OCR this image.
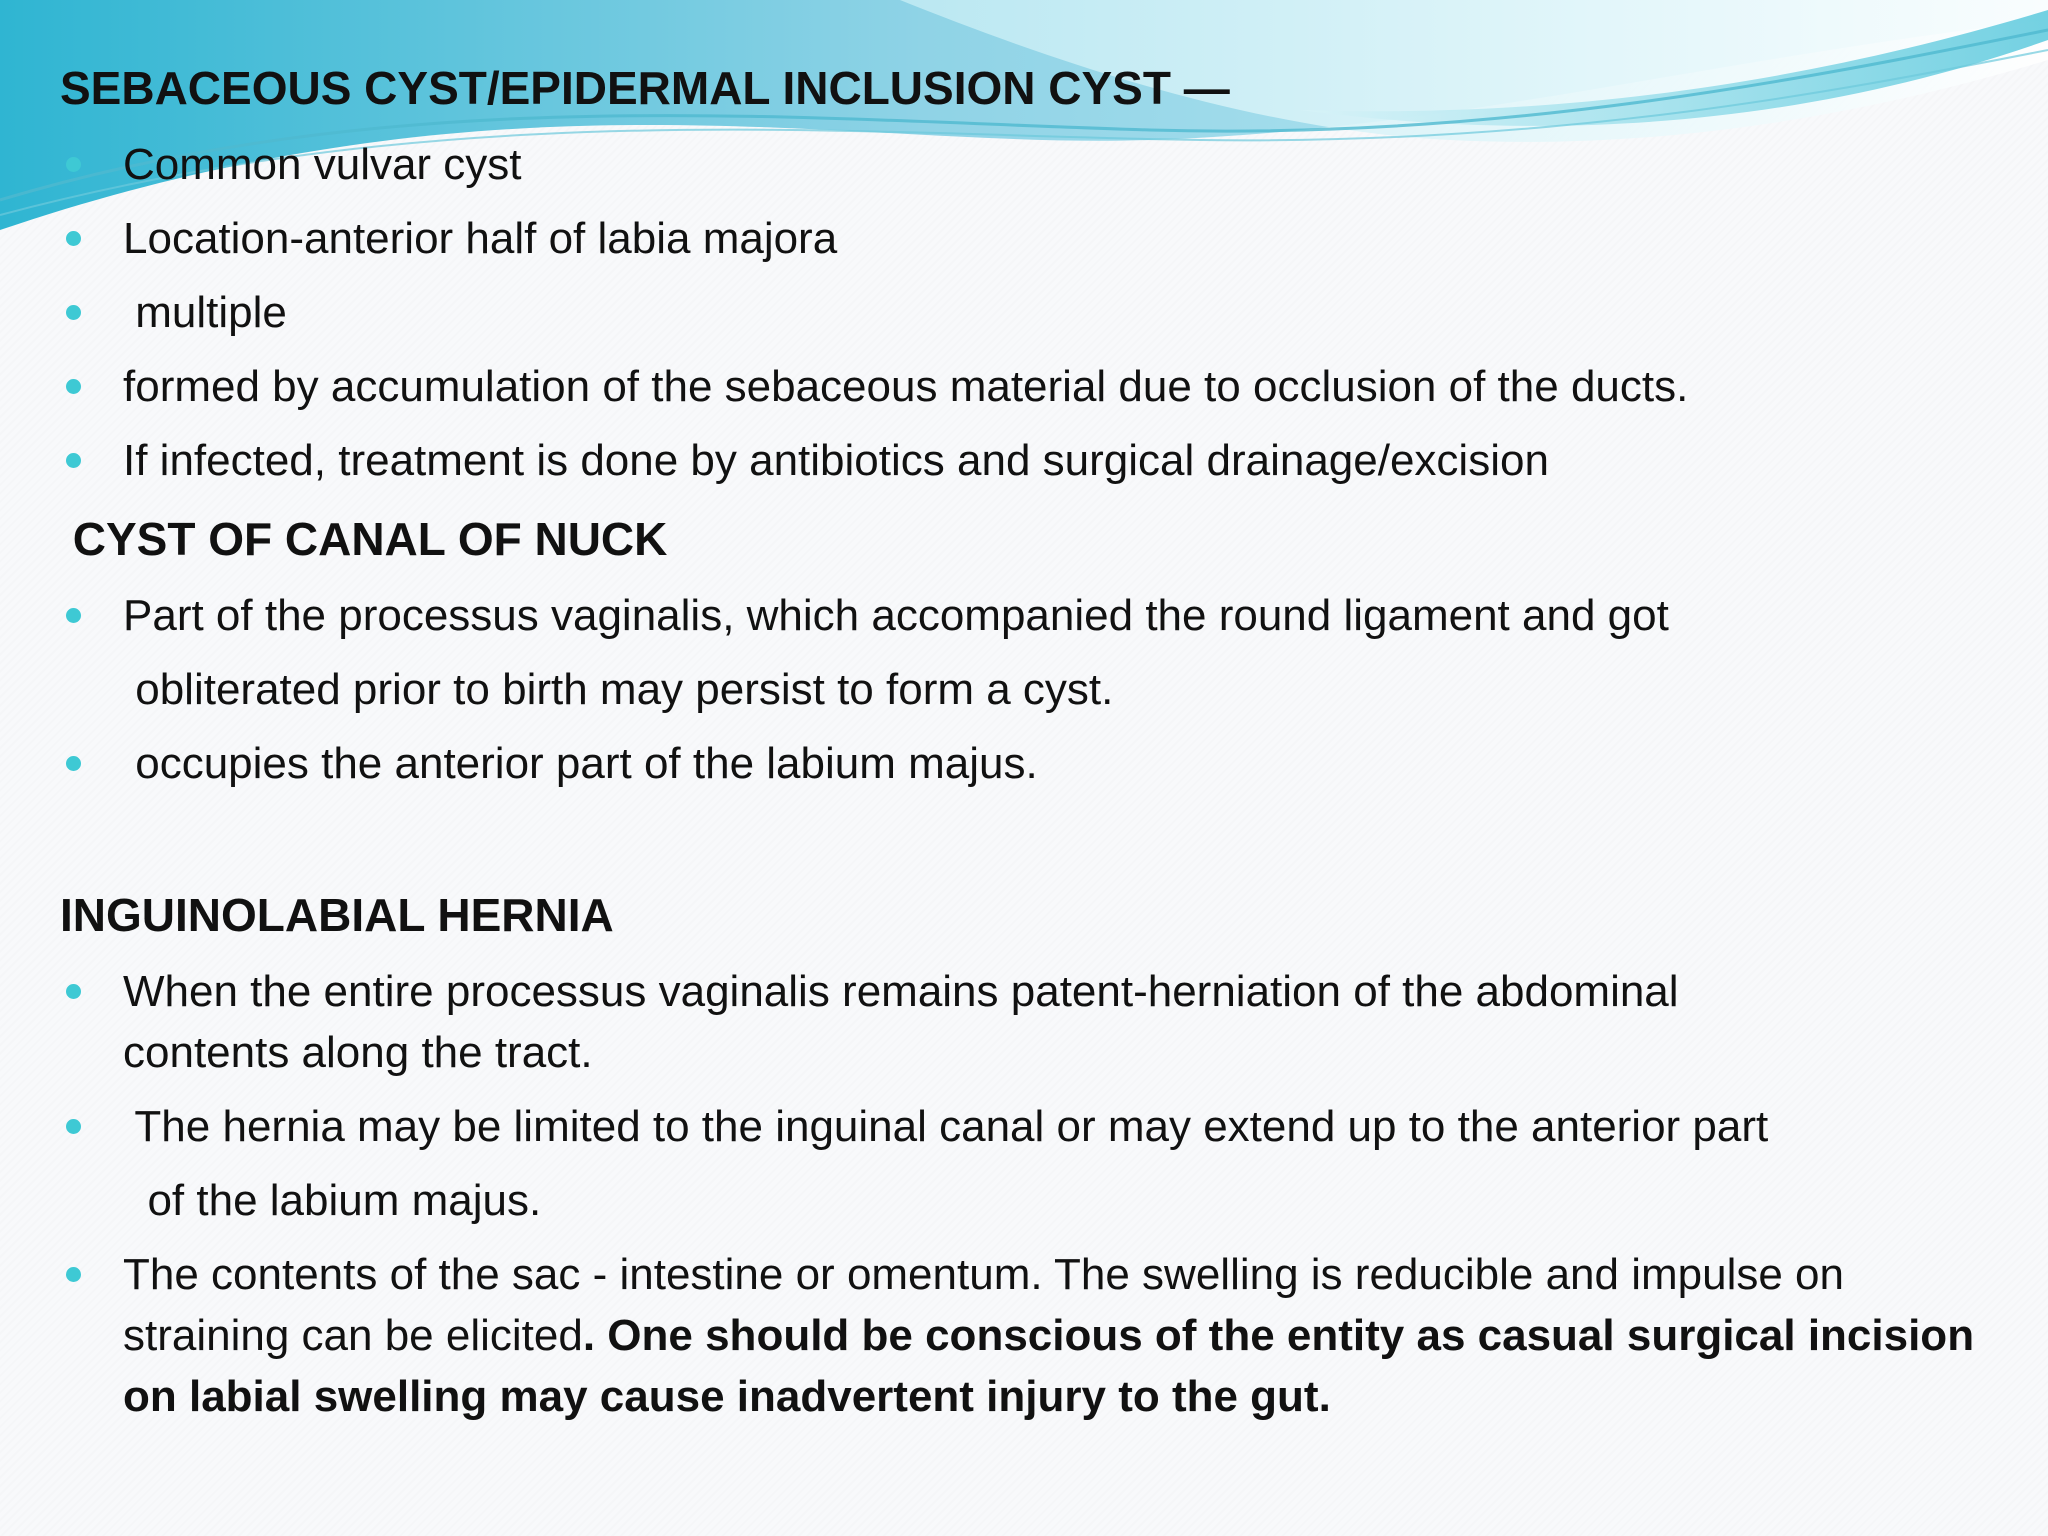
SEBACEOUS CYST/EPIDERMAL INCLUSION CYST —
Common vulvar cyst
Location-anterior half of labia majora
multiple
formed by accumulation of the sebaceous material due to occlusion of the ducts.
If infected, treatment is done by antibiotics and surgical drainage/excision
CYST OF CANAL OF NUCK
Part of the processus vaginalis, which accompanied the round ligament and got
obliterated prior to birth may persist to form a cyst.
occupies the anterior part of the labium majus.
INGUINOLABIAL HERNIA
When the entire processus vaginalis remains patent-herniation of the abdominal
contents along the tract.
The hernia may be limited to the inguinal canal or may extend up to the anterior part
of the labium majus.
The contents of the sac - intestine or omentum. The swelling is reducible and impulse on
straining can be elicited. One should be conscious of the entity as casual surgical incision
on labial swelling may cause inadvertent injury to the gut.
